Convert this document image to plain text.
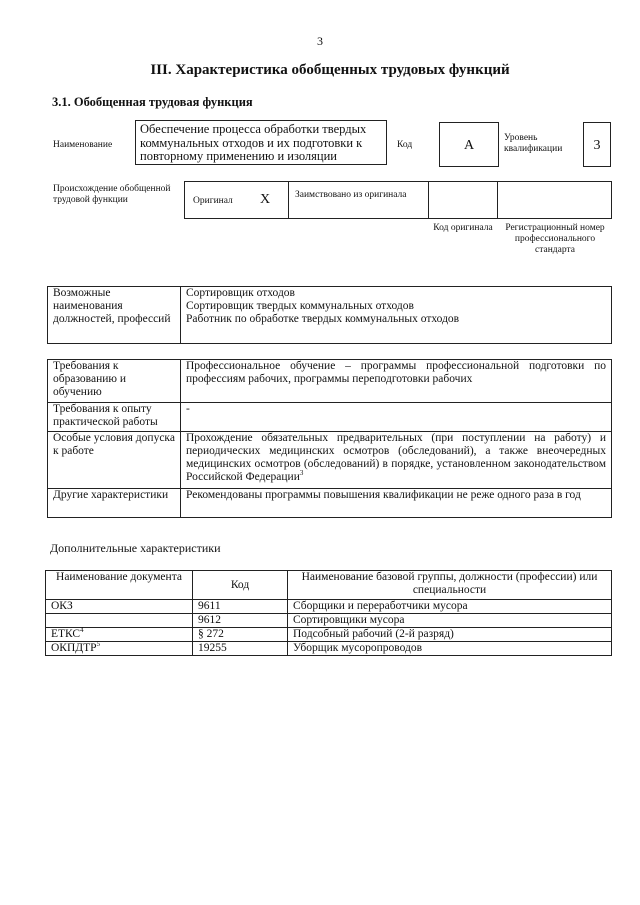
3
III. Характеристика обобщенных трудовых функций
3.1. Обобщенная трудовая функция
Наименование
Обеспечение процесса обработки твердых коммунальных отходов и их подготовки к повторному применению и изоляции
Код	А	Уровень квалификации	3
Происхождение обобщенной трудовой функции	Оригинал X	Заимствовано из оригинала
Код оригинала	Регистрационный номер профессионального стандарта
Возможные наименования должностей, профессий	
Сортировщик отходов
Сортировщик твердых коммунальных отходов
Работник по обработке твердых коммунальных отходов
Требования к образованию и обучению	Профессиональное обучение – программы профессиональной подготовки по профессиям рабочих, программы переподготовки рабочих
Требования к опыту практической работы	-
Особые условия допуска к работе	Прохождение обязательных предварительных (при поступлении на работу) и периодических медицинских осмотров (обследований), а также внеочередных медицинских осмотров (обследований) в порядке, установленном законодательством Российской Федерации$^3$
Другие характеристики	Рекомендованы программы повышения квалификации не реже одного раза в год
Дополнительные характеристики
Наименование документа	Код	Наименование базовой группы, должности (профессии) или специальности
ОКЗ	9611	Сборщики и переработчики мусора
	9612	Сортировщики мусора
ЕТКС$^4$	§ 272	Подсобный рабочий (2-й разряд)
ОКПДТР$^5$	19255	Уборщик мусоропроводов
